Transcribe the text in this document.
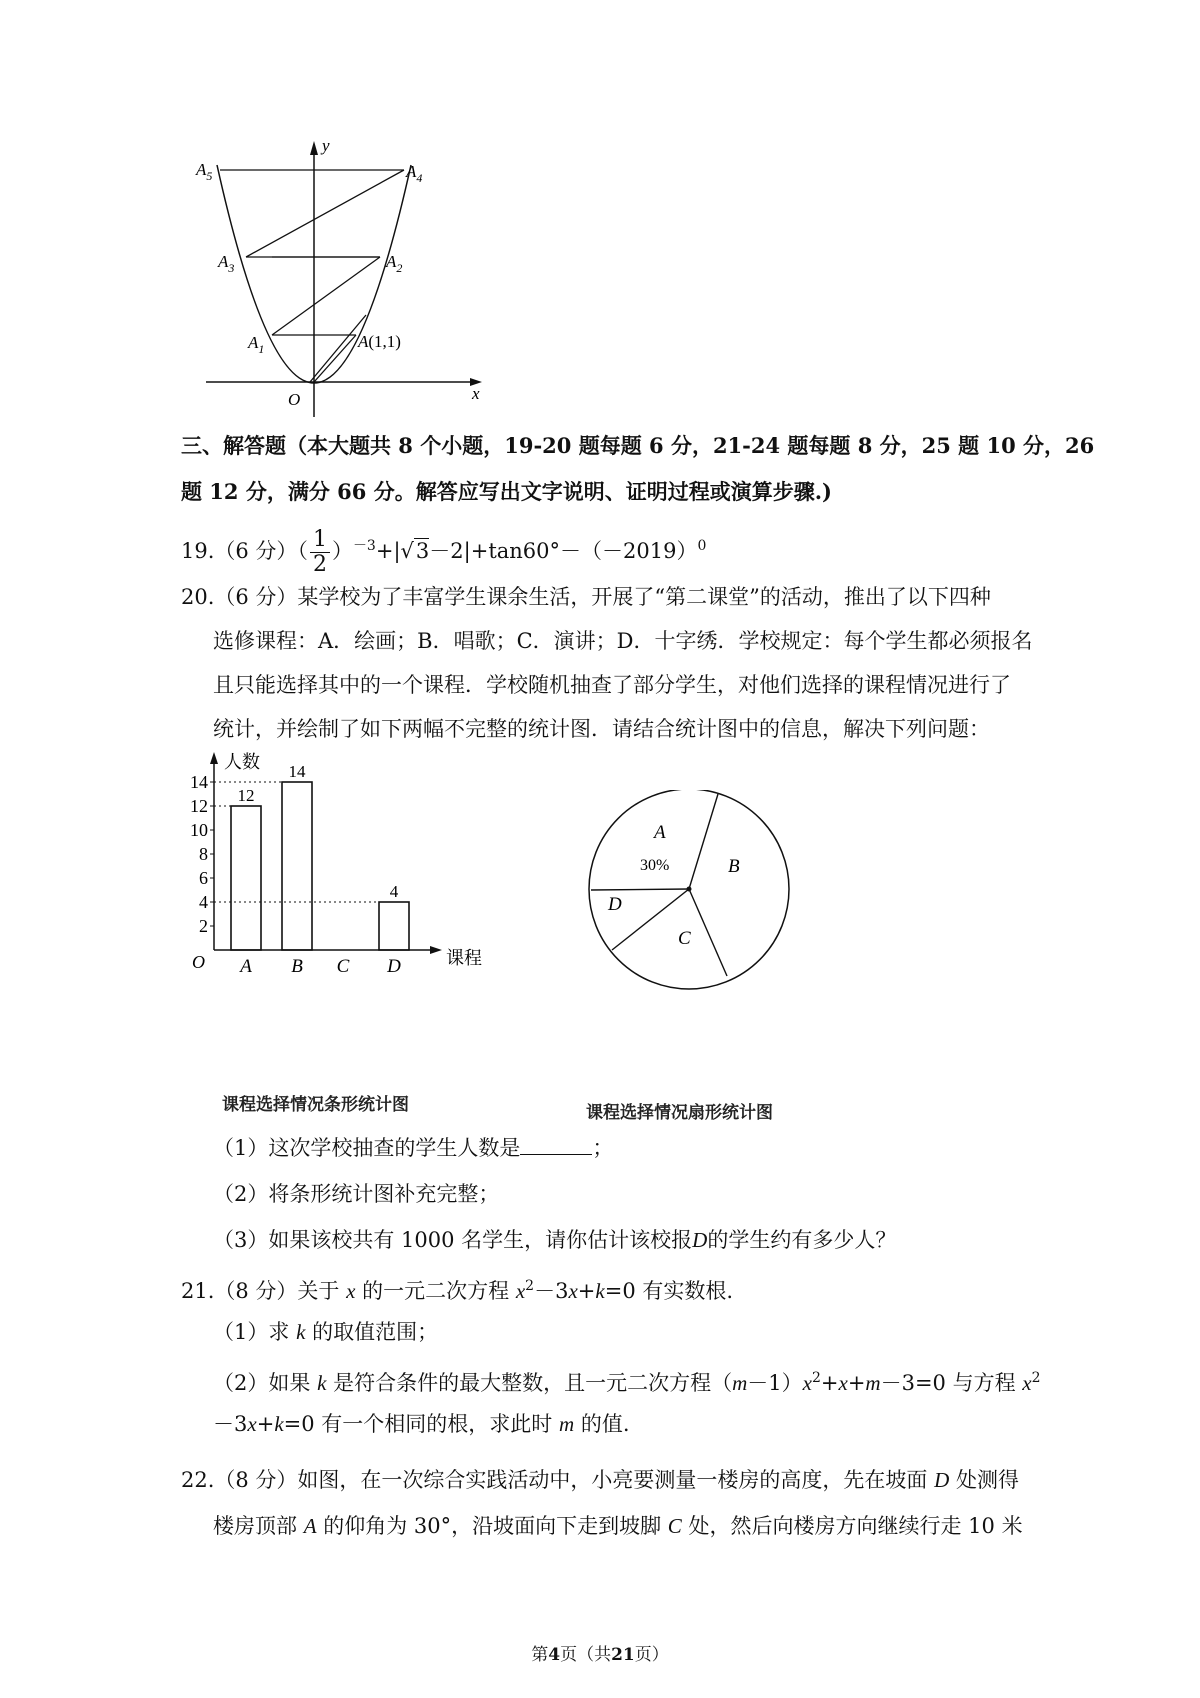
$A_5$	$A_4$
$A_3$	$A_2$
$A_1$	A(1,1)
O	x
y
三、解答题（本大题共 8 个小题，19-20 题每题 6 分，21-24 题每题 8 分，25 题 10 分，26
题 12 分，满分 66 分。解答应写出文字说明、证明过程或演算步骤.)
19.（6 分）（ $\frac{1}{2} )^{-3}+|√3-2|+\tan 60^\circ-(-2019)^0$
20.（6 分）某学校为了丰富学生课余生活，开展了“第二课堂”的活动，推出了以下四种
选修课程：A．绘画；B．唱歌；C．演讲；D．十字绣．学校规定：每个学生都必须报名
且只能选择其中的一个课程．学校随机抽查了部分学生，对他们选择的课程情况进行了
统计，并绘制了如下两幅不完整的统计图．请结合统计图中的信息，解决下列问题：
人数
课程
O
2
4
6
8
10
12
14
A
12
B
14
C D
4
课程选择情况条形统计图
A
B
C
D
30%
课程选择情况扇形统计图
（1）这次学校抽查的学生人数是	；
（2）将条形统计图补充完整；
（3）如果该校共有 1000 名学生，请你估计该校报D的学生约有多少人？
21.（8 分）关于 x 的一元二次方程 $x^2-3x+k=0$ 有实数根.
（1）求 k 的取值范围；
（2）如果 k 是符合条件的最大整数，且一元二次方程$(m-1)x^2+x+m-3=0$ 与方程 $x^2$
－3x+k=0 有一个相同的根，求此时 m 的值.
22.（8 分）如图，在一次综合实践活动中，小亮要测量一楼房的高度，先在坡面 D 处测得
楼房顶部 A 的仰角为 30°，沿坡面向下走到坡脚 C 处，然后向楼房方向继续行走 10 米
第4页（共21页）
